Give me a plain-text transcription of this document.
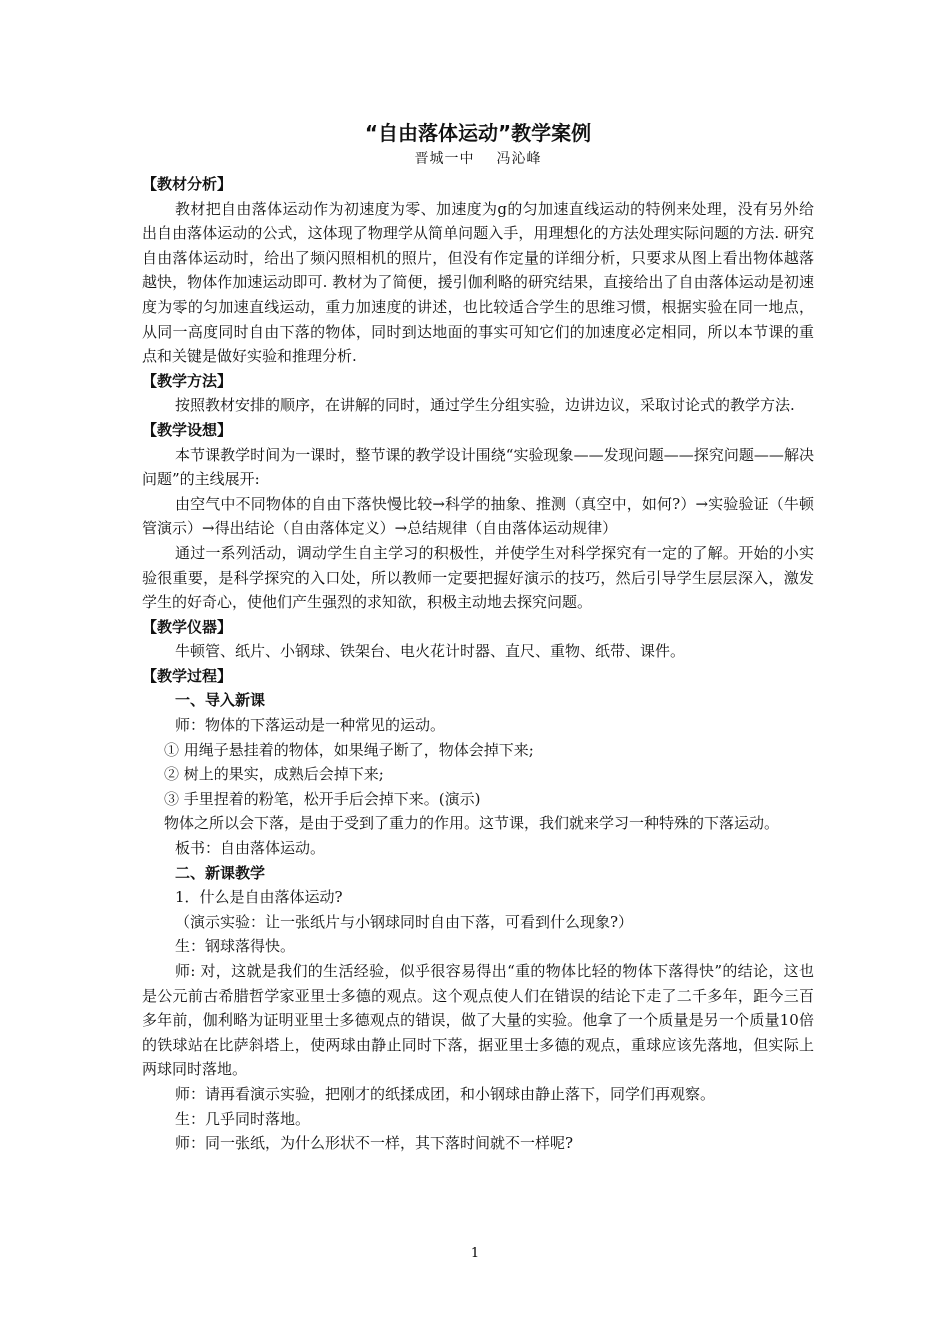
“自由落体运动”教学案例
晋城一中 冯沁峰
【教材分析】

教材把自由落体运动作为初速度为零、加速度为g的匀加速直线运动的特例来处理，没有另外给出自由落体运动的公式，这体现了物理学从简单问题入手，用理想化的方法处理实际问题的方法. 研究自由落体运动时，给出了频闪照相机的照片，但没有作定量的详细分析，只要求从图上看出物体越落越快，物体作加速运动即可. 教材为了简便，援引伽利略的研究结果，直接给出了自由落体运动是初速度为零的匀加速直线运动，重力加速度的讲述，也比较适合学生的思维习惯，根据实验在同一地点，从同一高度同时自由下落的物体，同时到达地面的事实可知它们的加速度必定相同，所以本节课的重点和关键是做好实验和推理分析.

【教学方法】

按照教材安排的顺序，在讲解的同时，通过学生分组实验，边讲边议，采取讨论式的教学方法.

【教学设想】

本节课教学时间为一课时，整节课的教学设计围绕“实验现象——发现问题——探究问题——解决问题”的主线展开:

由空气中不同物体的自由下落快慢比较→科学的抽象、推测（真空中，如何?）→实验验证（牛顿管演示）→得出结论（自由落体定义）→总结规律（自由落体运动规律）

通过一系列活动，调动学生自主学习的积极性，并使学生对科学探究有一定的了解。开始的小实验很重要，是科学探究的入口处，所以教师一定要把握好演示的技巧，然后引导学生层层深入，激发学生的好奇心，使他们产生强烈的求知欲，积极主动地去探究问题。

【教学仪器】

牛顿管、纸片、小钢球、铁架台、电火花计时器、直尺、重物、纸带、课件。

【教学过程】
一、导入新课

师：物体的下落运动是一种常见的运动。

① 用绳子悬挂着的物体，如果绳子断了，物体会掉下来;

② 树上的果实，成熟后会掉下来;

③ 手里捏着的粉笔，松开手后会掉下来。(演示)

物体之所以会下落，是由于受到了重力的作用。这节课，我们就来学习一种特殊的下落运动。

板书：自由落体运动。

二、新课教学

1．什么是自由落体运动?

（演示实验：让一张纸片与小钢球同时自由下落，可看到什么现象?）

生：钢球落得快。

师: 对，这就是我们的生活经验，似乎很容易得出“重的物体比轻的物体下落得快”的结论，这也是公元前古希腊哲学家亚里士多德的观点。这个观点使人们在错误的结论下走了二千多年，距今三百多年前，伽利略为证明亚里士多德观点的错误，做了大量的实验。他拿了一个质量是另一个质量10倍的铁球站在比萨斜塔上，使两球由静止同时下落，据亚里士多德的观点，重球应该先落地，但实际上两球同时落地。

师：请再看演示实验，把刚才的纸揉成团，和小钢球由静止落下，同学们再观察。

生：几乎同时落地。

师：同一张纸，为什么形状不一样，其下落时间就不一样呢?

1
